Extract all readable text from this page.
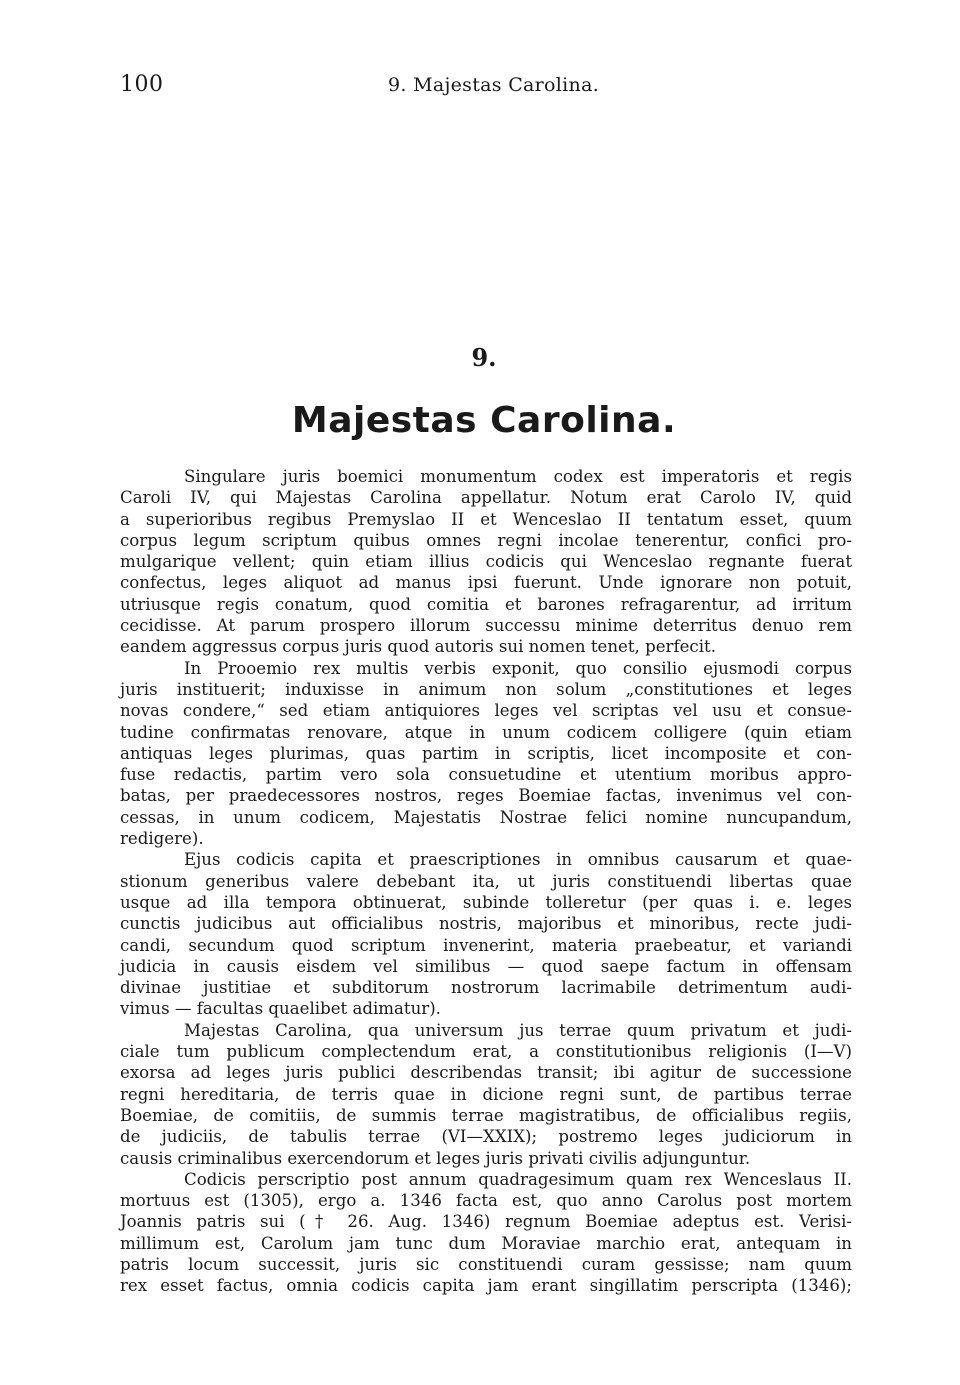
100	9. Majestas Carolina.
9.
Majestas Carolina.
Singulare juris boemici monumentum codex est imperatoris et regis
Caroli IV, qui Majestas Carolina appellatur. Notum erat Carolo IV, quid
a superioribus regibus Premyslao II et Wenceslao II tentatum esset, quum
corpus legum scriptum quibus omnes regni incolae tenerentur, confici pro-
mulgarique vellent; quin etiam illius codicis qui Wenceslao regnante fuerat
confectus, leges aliquot ad manus ipsi fuerunt. Unde ignorare non potuit,
utriusque regis conatum, quod comitia et barones refragarentur, ad irritum
cecidisse. At parum prospero illorum successu minime deterritus denuo rem
eandem aggressus corpus juris quod autoris sui nomen tenet, perfecit.
In Prooemio rex multis verbis exponit, quo consilio ejusmodi corpus
juris instituerit; induxisse in animum non solum „constitutiones et leges
novas condere,“ sed etiam antiquiores leges vel scriptas vel usu et consue-
tudine confirmatas renovare, atque in unum codicem colligere (quin etiam
antiquas leges plurimas, quas partim in scriptis, licet incomposite et con-
fuse redactis, partim vero sola consuetudine et utentium moribus appro-
batas, per praedecessores nostros, reges Boemiae factas, invenimus vel con-
cessas, in unum codicem, Majestatis Nostrae felici nomine nuncupandum,
redigere).
Ejus codicis capita et praescriptiones in omnibus causarum et quae-
stionum generibus valere debebant ita, ut juris constituendi libertas quae
usque ad illa tempora obtinuerat, subinde tolleretur (per quas i. e. leges
cunctis judicibus aut officialibus nostris, majoribus et minoribus, recte judi-
candi, secundum quod scriptum invenerint, materia praebeatur, et variandi
judicia in causis eisdem vel similibus — quod saepe factum in offensam
divinae justitiae et subditorum nostrorum lacrimabile detrimentum audi-
vimus — facultas quaelibet adimatur).
Majestas Carolina, qua universum jus terrae quum privatum et judi-
ciale tum publicum complectendum erat, a constitutionibus religionis (I—V)
exorsa ad leges juris publici describendas transit; ibi agitur de successione
regni hereditaria, de terris quae in dicione regni sunt, de partibus terrae
Boemiae, de comitiis, de summis terrae magistratibus, de officialibus regiis,
de judiciis, de tabulis terrae (VI—XXIX); postremo leges judiciorum in
causis criminalibus exercendorum et leges juris privati civilis adjunguntur.
Codicis perscriptio post annum quadragesimum quam rex Wenceslaus II.
mortuus est (1305), ergo a. 1346 facta est, quo anno Carolus post mortem
Joannis patris sui († 26. Aug. 1346) regnum Boemiae adeptus est. Verisi-
millimum est, Carolum jam tunc dum Moraviae marchio erat, antequam in
patris locum successit, juris sic constituendi curam gessisse; nam quum
rex esset factus, omnia codicis capita jam erant singillatim perscripta (1346);
